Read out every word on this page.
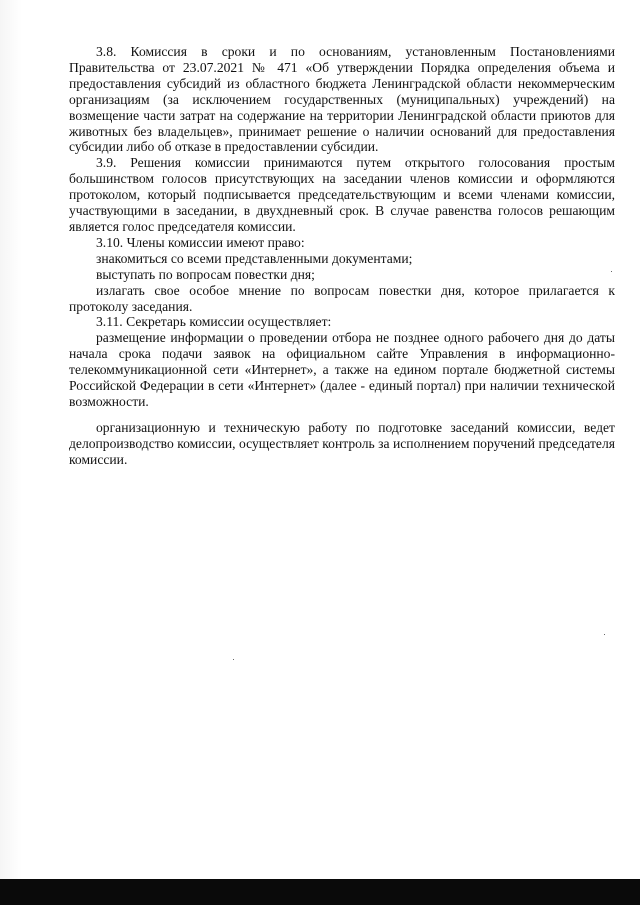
3.8. Комиссия в сроки и по основаниям, установленным Постановлениями Правительства от 23.07.2021 № 471 «Об утверждении Порядка определения объема и предоставления субсидий из областного бюджета Ленинградской области некоммерческим организациям (за исключением государственных (муниципальных) учреждений) на возмещение части затрат на содержание на территории Ленинградской области приютов для животных без владельцев», принимает решение о наличии оснований для предоставления субсидии либо об отказе в предоставлении субсидии.

3.9. Решения комиссии принимаются путем открытого голосования простым большинством голосов присутствующих на заседании членов комиссии и оформляются протоколом, который подписывается председательствующим и всеми членами комиссии, участвующими в заседании, в двухдневный срок. В случае равенства голосов решающим является голос председателя комиссии.

3.10. Члены комиссии имеют право:

знакомиться со всеми представленными документами;

выступать по вопросам повестки дня;

излагать свое особое мнение по вопросам повестки дня, которое прилагается к протоколу заседания.

3.11. Секретарь комиссии осуществляет:

размещение информации о проведении отбора не позднее одного рабочего дня до даты начала срока подачи заявок на официальном сайте Управления в информационно-телекоммуникационной сети «Интернет», а также на едином портале бюджетной системы Российской Федерации в сети «Интернет» (далее - единый портал) при наличии технической возможности.

организационную и техническую работу по подготовке заседаний комиссии, ведет делопроизводство комиссии, осуществляет контроль за исполнением поручений председателя комиссии.
